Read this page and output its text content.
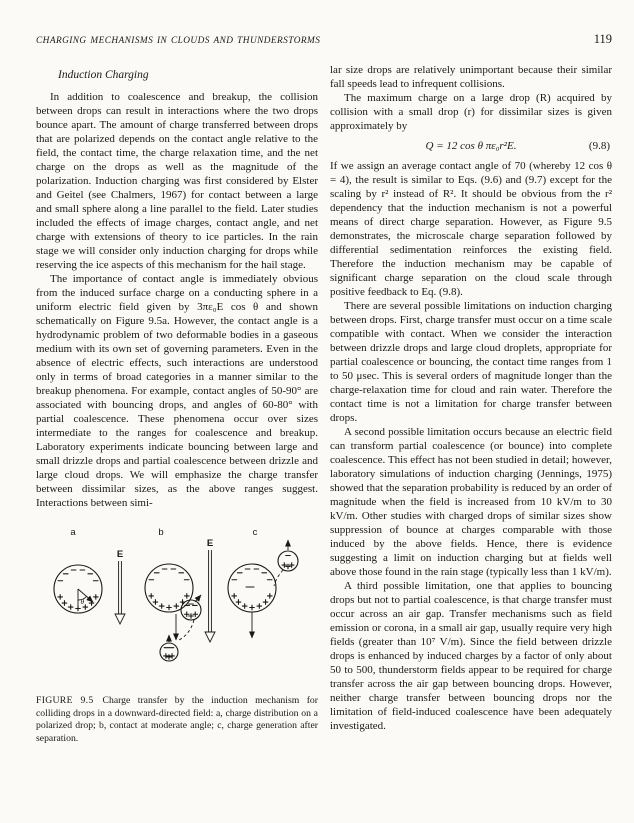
CHARGING MECHANISMS IN CLOUDS AND THUNDERSTORMS	119
Induction Charging

In addition to coalescence and breakup, the collision between drops can result in interactions where the two drops bounce apart. The amount of charge transferred between drops that are polarized depends on the contact angle relative to the field, the contact time, the charge relaxation time, and the net charge on the drops as well as the magnitude of the polarization. Induction charging was first considered by Elster and Geitel (see Chalmers, 1967) for contact between a large and small sphere along a line parallel to the field. Later studies included the effects of image charges, contact angle, and net charge with extensions of theory to ice particles. In the rain stage we will consider only induction charging for drops while reserving the ice aspects of this mechanism for the hail stage.

The importance of contact angle is immediately obvious from the induced surface charge on a conducting sphere in a uniform electric field given by 3πε₀E cos θ and shown schematically on Figure 9.5a. However, the contact angle is a hydrodynamic problem of two deformable bodies in a gaseous medium with its own set of governing parameters. Even in the absence of electric effects, such interactions are understood only in terms of broad categories in a manner similar to the breakup phenomena. For example, contact angles of 50-90° are associated with bouncing drops, and angles of 60-80° with partial coalescence. These phenomena occur over sizes intermediate to the ranges for coalescence and breakup. Laboratory experiments indicate bouncing between large and small drizzle drops and partial coalescence between drizzle and large cloud drops. We will emphasize the charge transfer between dissimilar sizes, as the above ranges suggest. Interactions between simi-

a	b	c
E
E
θ
FIGURE 9.5 Charge transfer by the induction mechanism for colliding drops in a downward-directed field: a, charge distribution on a polarized drop; b, contact at moderate angle; c, charge generation after separation.

lar size drops are relatively unimportant because their similar fall speeds lead to infrequent collisions.

The maximum charge on a large drop (R) acquired by collision with a small drop (r) for dissimilar sizes is given approximately by

Q = 12 cos θ πε₀r²E.	(9.8)

If we assign an average contact angle of 70 (whereby 12 cos θ = 4), the result is similar to Eqs. (9.6) and (9.7) except for the scaling by r² instead of R². It should be obvious from the r² dependency that the induction mechanism is not a powerful means of direct charge separation. However, as Figure 9.5 demonstrates, the microscale charge separation followed by differential sedimentation reinforces the existing field. Therefore the induction mechanism may be capable of significant charge separation on the cloud scale through positive feedback to Eq. (9.8).

There are several possible limitations on induction charging between drops. First, charge transfer must occur on a time scale compatible with contact. When we consider the interaction between drizzle drops and large cloud droplets, appropriate for partial coalescence or bouncing, the contact time ranges from 1 to 50 μsec. This is several orders of magnitude longer than the charge-relaxation time for cloud and rain water. Therefore the contact time is not a limitation for charge transfer between drops.

A second possible limitation occurs because an electric field can transform partial coalescence (or bounce) into complete coalescence. This effect has not been studied in detail; however, laboratory simulations of induction charging (Jennings, 1975) showed that the separation probability is reduced by an order of magnitude when the field is increased from 10 kV/m to 30 kV/m. Other studies with charged drops of similar sizes show suppression of bounce at charges comparable with those induced by the above fields. Hence, there is evidence suggesting a limit on induction charging but at fields well above those found in the rain stage (typically less than 1 kV/m).

A third possible limitation, one that applies to bouncing drops but not to partial coalescence, is that charge transfer must occur across an air gap. Transfer mechanisms such as field emission or corona, in a small air gap, usually require very high fields (greater than 10⁷ V/m). Since the field between drizzle drops is enhanced by induced charges by a factor of only about 50 to 500, thunderstorm fields appear to be required for charge transfer across the air gap between bouncing drops. However, neither charge transfer between bouncing drops nor the limitation of field-induced coalescence have been adequately investigated.
